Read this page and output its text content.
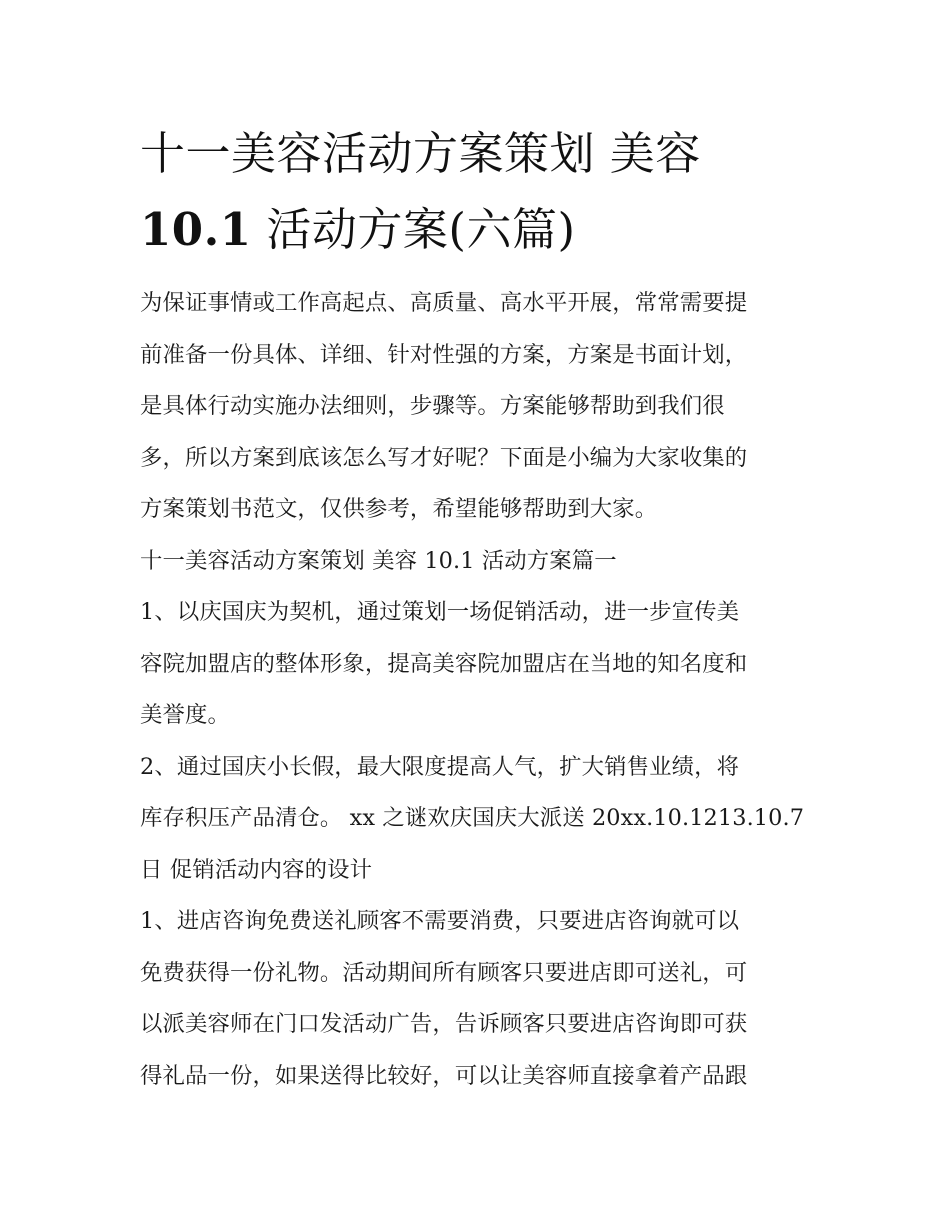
十一美容活动方案策划 美容
10.1 活动方案(六篇)

为保证事情或工作高起点、高质量、高水平开展，常常需要提

前准备一份具体、详细、针对性强的方案，方案是书面计划，

是具体行动实施办法细则，步骤等。方案能够帮助到我们很

多，所以方案到底该怎么写才好呢？下面是小编为大家收集的

方案策划书范文，仅供参考，希望能够帮助到大家。

十一美容活动方案策划 美容 10.1 活动方案篇一

1、以庆国庆为契机，通过策划一场促销活动，进一步宣传美

容院加盟店的整体形象，提高美容院加盟店在当地的知名度和

美誉度。

2、通过国庆小长假，最大限度提高人气，扩大销售业绩，将

库存积压产品清仓。 xx 之谜欢庆国庆大派送 20xx.10.1213.10.7

日 促销活动内容的设计

1、进店咨询免费送礼顾客不需要消费，只要进店咨询就可以

免费获得一份礼物。活动期间所有顾客只要进店即可送礼，可

以派美容师在门口发活动广告，告诉顾客只要进店咨询即可获

得礼品一份，如果送得比较好，可以让美容师直接拿着产品跟
